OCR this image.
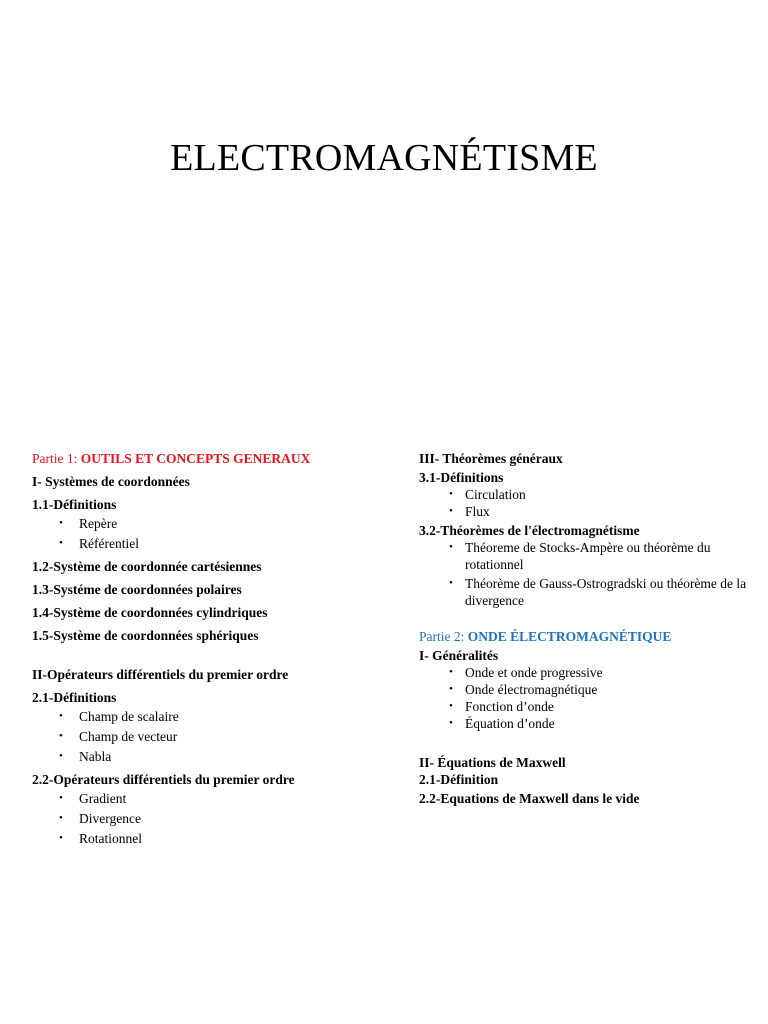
ELECTROMAGNÉTISME

Partie 1: OUTILS ET CONCEPTS GENERAUX

I- Systèmes de coordonnées

1.1-Définitions

• Repère
• Référentiel

1.2-Système de coordonnée cartésiennes

1.3-Systéme de coordonnées polaires

1.4-Système de coordonnées cylindriques

1.5-Système de coordonnées sphériques

II-Opérateurs différentiels du premier ordre

2.1-Définitions

• Champ de scalaire
• Champ de vecteur
• Nabla

2.2-Opérateurs différentiels du premier ordre

• Gradient
• Divergence
• Rotationnel

III- Théorèmes généraux

3.1-Définitions

• Circulation
• Flux

3.2-Théorèmes de l'électromagnétisme

• Théoreme de Stocks-Ampère ou théorème du rotationnel
• Théorème de Gauss-Ostrogradski ou théorème de la divergence

Partie 2: ONDE ÉLECTROMAGNÉTIQUE

I- Généralités

• Onde et onde progressive
• Onde électromagnétique
• Fonction d’onde
• Équation d’onde

II- Équations de Maxwell

2.1-Définition

2.2-Equations de Maxwell dans le vide
